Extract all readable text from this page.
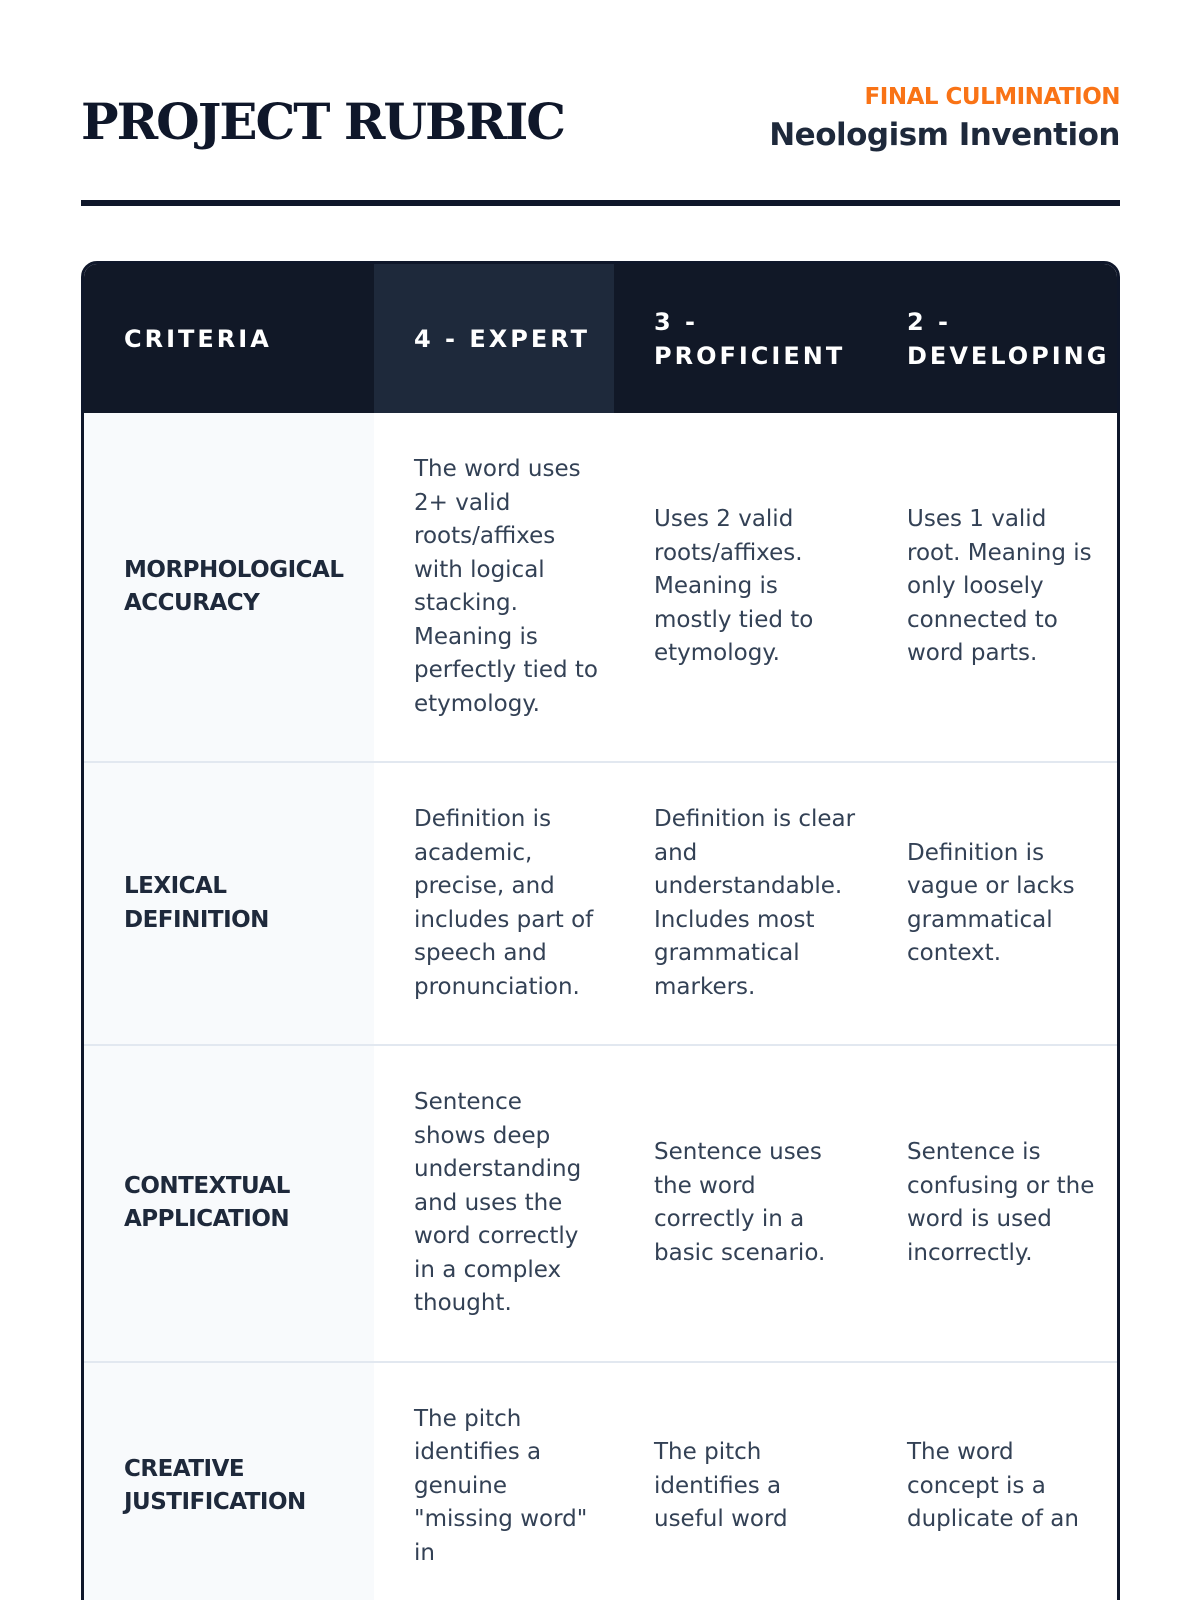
PROJECT RUBRIC	FINAL CULMINATION
Neologism Invention
CRITERIA	4 - EXPERT
3 - PROFICIENT
2 - DEVELOPING
MORPHOLOGICAL ACCURACY
The word uses 2+ valid roots/affixes with logical stacking. Meaning is perfectly tied to etymology.
Uses 2 valid roots/affixes. Meaning is mostly tied to etymology.
Uses 1 valid root. Meaning is only loosely connected to word parts.
LEXICAL DEFINITION
Definition is academic, precise, and includes part of speech and pronunciation.
Definition is clear and understandable. Includes most grammatical markers.
Definition is vague or lacks grammatical context.
CONTEXTUAL APPLICATION
Sentence shows deep understanding and uses the word correctly in a complex thought.
Sentence uses the word correctly in a basic scenario.
Sentence is confusing or the word is used incorrectly.
CREATIVE JUSTIFICATION
The pitch identifies a genuine "missing word" in
The pitch identifies a useful word
The word concept is a duplicate of an
